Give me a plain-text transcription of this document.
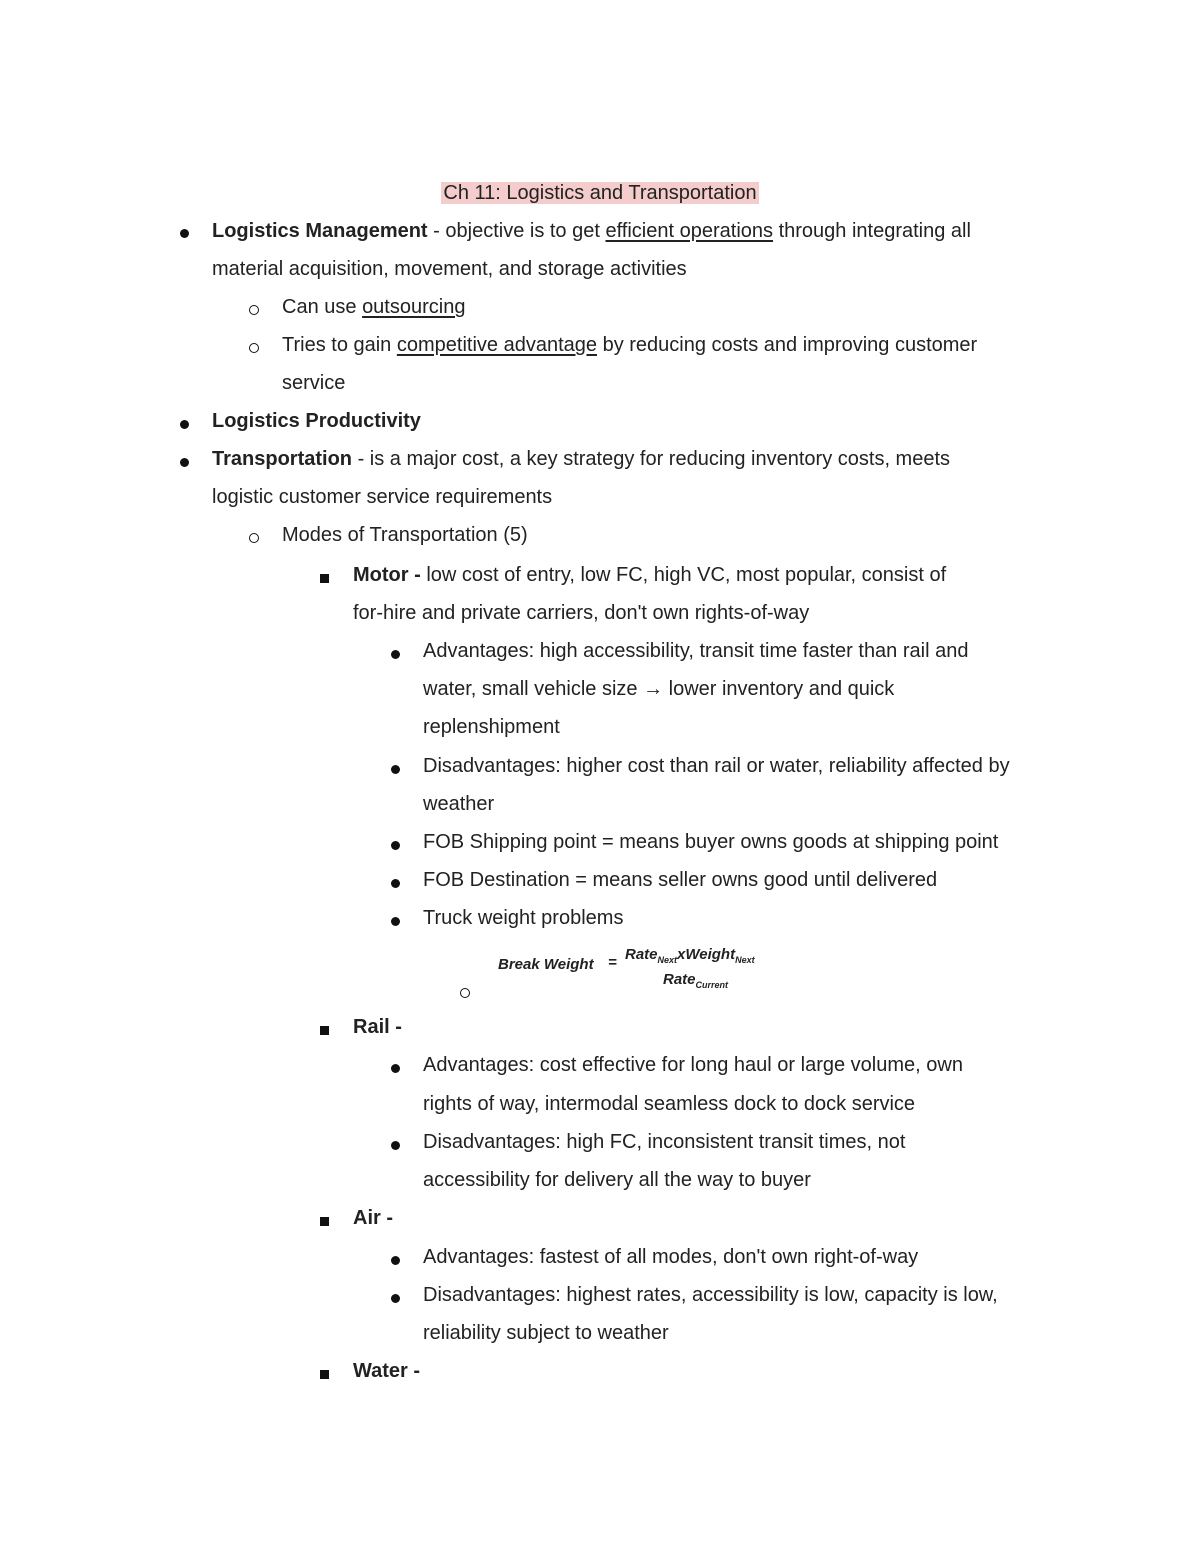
Ch 11: Logistics and Transportation
Logistics Management - objective is to get efficient operations through integrating all
material acquisition, movement, and storage activities
Can use outsourcing
Tries to gain competitive advantage by reducing costs and improving customer
service
Logistics Productivity
Transportation - is a major cost, a key strategy for reducing inventory costs, meets
logistic customer service requirements
Modes of Transportation (5)
Motor - low cost of entry, low FC, high VC, most popular, consist of
for-hire and private carriers, don't own rights-of-way
Advantages: high accessibility, transit time faster than rail and
water, small vehicle size → lower inventory and quick
replenshipment
Disadvantages: higher cost than rail or water, reliability affected by
weather
FOB Shipping point = means buyer owns goods at shipping point
FOB Destination = means seller owns good until delivered
Truck weight problems
Break Weight = Rate$_{Next}$xWeight$_{Next}$
Rate$_{Current}$
Rail -
Advantages: cost effective for long haul or large volume, own
rights of way, intermodal seamless dock to dock service
Disadvantages: high FC, inconsistent transit times, not
accessibility for delivery all the way to buyer
Air -
Advantages: fastest of all modes, don't own right-of-way
Disadvantages: highest rates, accessibility is low, capacity is low,
reliability subject to weather
Water -
